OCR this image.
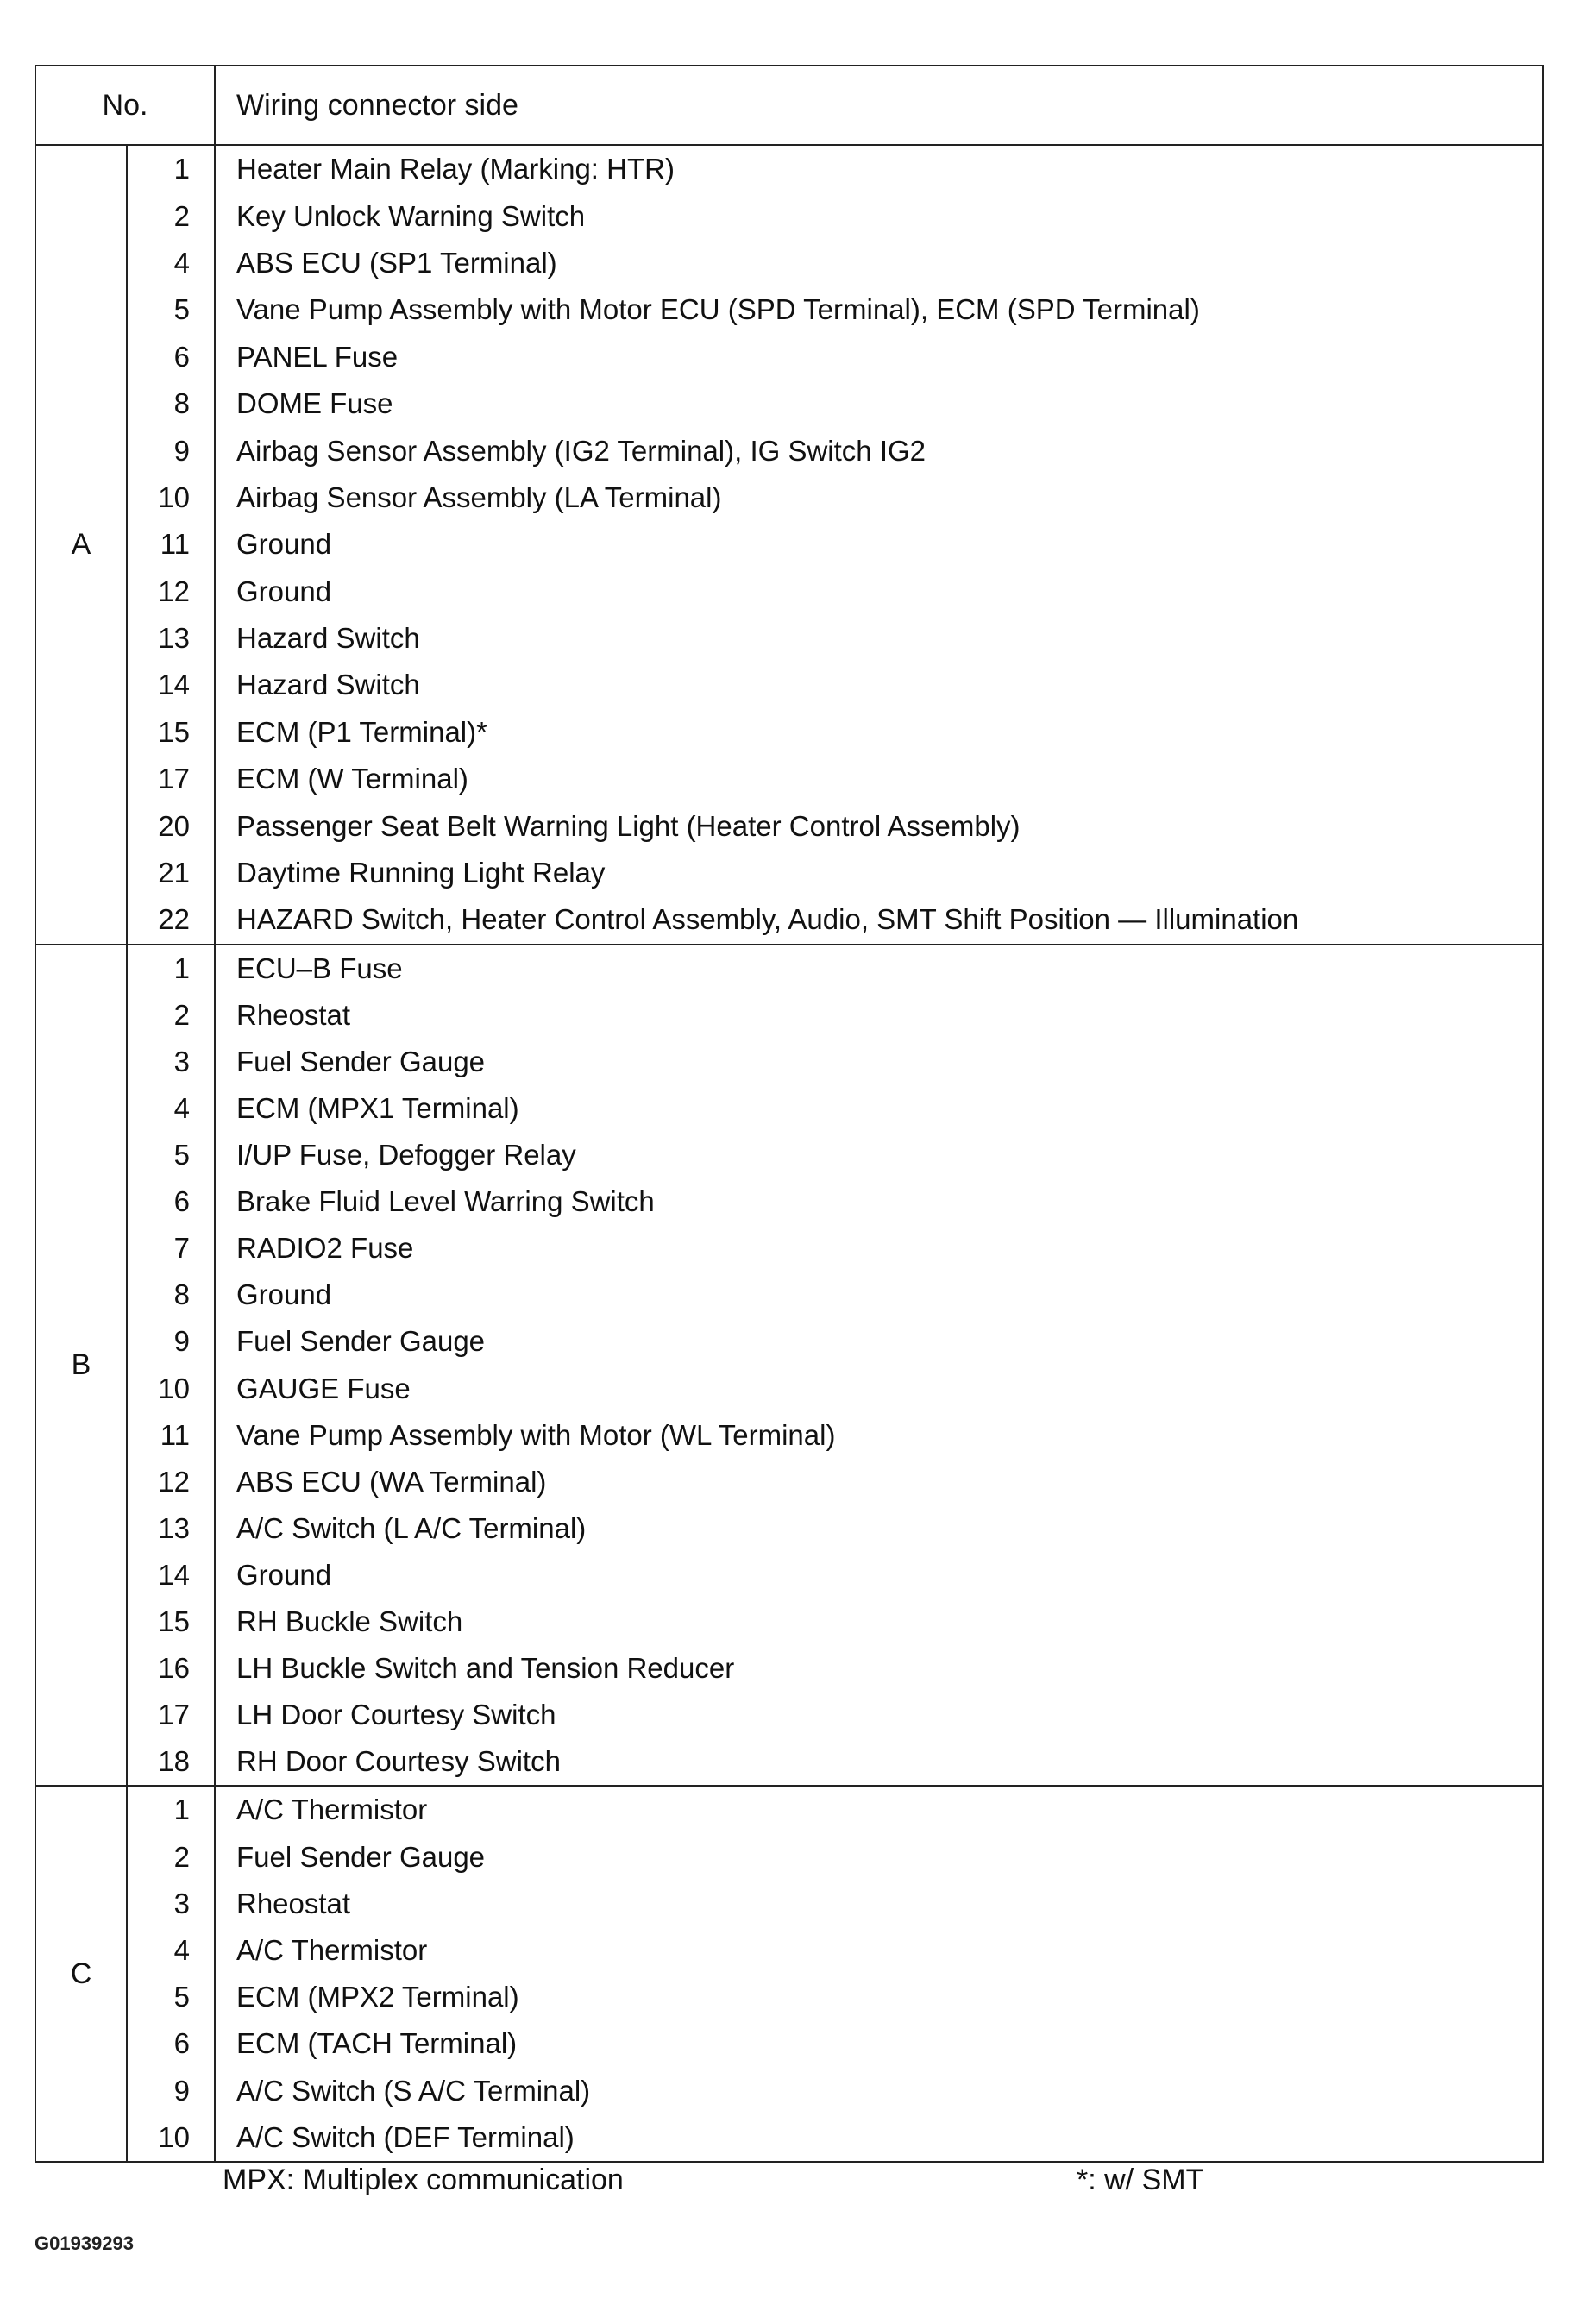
No.	Wiring connector side
A
1	Heater Main Relay (Marking: HTR)
2	Key Unlock Warning Switch
4	ABS ECU (SP1 Terminal)
5	Vane Pump Assembly with Motor ECU (SPD Terminal), ECM (SPD Terminal)
6	PANEL Fuse
8	DOME Fuse
9	Airbag Sensor Assembly (IG2 Terminal), IG Switch IG2
10	Airbag Sensor Assembly (LA Terminal)
11	Ground
12	Ground
13	Hazard Switch
14	Hazard Switch
15	ECM (P1 Terminal)*
17	ECM (W Terminal)
20	Passenger Seat Belt Warning Light (Heater Control Assembly)
21	Daytime Running Light Relay
22	HAZARD Switch, Heater Control Assembly, Audio, SMT Shift Position — Illumination
B
1	ECU–B Fuse
2	Rheostat
3	Fuel Sender Gauge
4	ECM (MPX1 Terminal)
5	I/UP Fuse, Defogger Relay
6	Brake Fluid Level Warring Switch
7	RADIO2 Fuse
8	Ground
9	Fuel Sender Gauge
10	GAUGE Fuse
11	Vane Pump Assembly with Motor (WL Terminal)
12	ABS ECU (WA Terminal)
13	A/C Switch (L A/C Terminal)
14	Ground
15	RH Buckle Switch
16	LH Buckle Switch and Tension Reducer
17	LH Door Courtesy Switch
18	RH Door Courtesy Switch
C
1	A/C Thermistor
2	Fuel Sender Gauge
3	Rheostat
4	A/C Thermistor
5	ECM (MPX2 Terminal)
6	ECM (TACH Terminal)
9	A/C Switch (S A/C Terminal)
10	A/C Switch (DEF Terminal)
MPX: Multiplex communication	*: w/ SMT
G01939293
